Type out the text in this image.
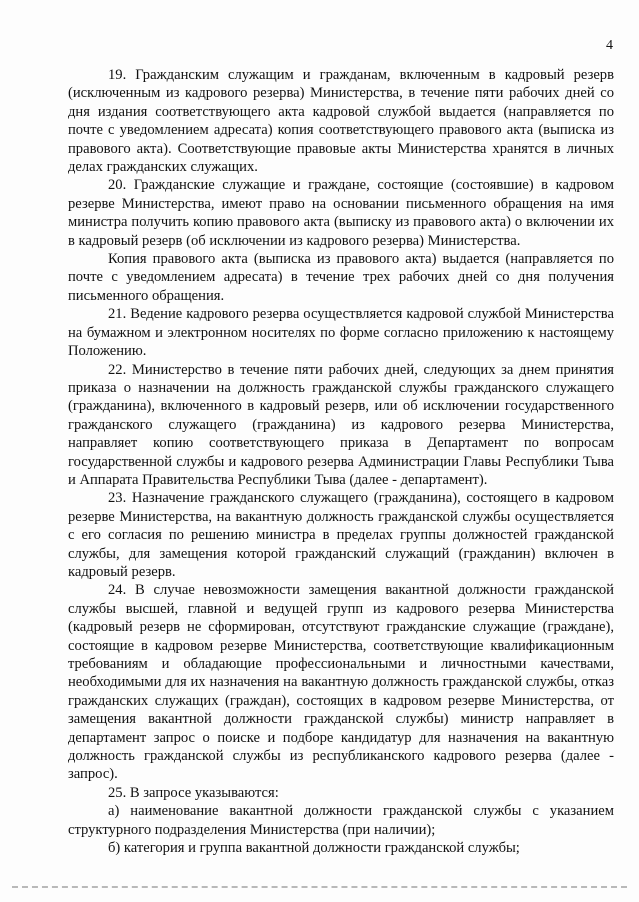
4

19. Гражданским служащим и гражданам, включенным в кадровый резерв (исключенным из кадрового резерва) Министерства, в течение пяти рабочих дней со дня издания соответствующего акта кадровой службой выдается (направляется по почте с уведомлением адресата) копия соответствующего правового акта (выписка из правового акта). Соответствующие правовые акты Министерства хранятся в личных делах гражданских служащих.

20. Гражданские служащие и граждане, состоящие (состоявшие) в кадровом резерве Министерства, имеют право на основании письменного обращения на имя министра получить копию правового акта (выписку из правового акта) о включении их в кадровый резерв (об исключении из кадрового резерва) Министерства.

Копия правового акта (выписка из правового акта) выдается (направляется по почте с уведомлением адресата) в течение трех рабочих дней со дня получения письменного обращения.

21. Ведение кадрового резерва осуществляется кадровой службой Министерства на бумажном и электронном носителях по форме согласно приложению к настоящему Положению.

22. Министерство в течение пяти рабочих дней, следующих за днем принятия приказа о назначении на должность гражданской службы гражданского служащего (гражданина), включенного в кадровый резерв, или об исключении государственного гражданского служащего (гражданина) из кадрового резерва Министерства, направляет копию соответствующего приказа в Департамент по вопросам государственной службы и кадрового резерва Администрации Главы Республики Тыва и Аппарата Правительства Республики Тыва (далее - департамент).

23. Назначение гражданского служащего (гражданина), состоящего в кадровом резерве Министерства, на вакантную должность гражданской службы осуществляется с его согласия по решению министра в пределах группы должностей гражданской службы, для замещения которой гражданский служащий (гражданин) включен в кадровый резерв.

24. В случае невозможности замещения вакантной должности гражданской службы высшей, главной и ведущей групп из кадрового резерва Министерства (кадровый резерв не сформирован, отсутствуют гражданские служащие (граждане), состоящие в кадровом резерве Министерства, соответствующие квалификационным требованиям и обладающие профессиональными и личностными качествами, необходимыми для их назначения на вакантную должность гражданской службы, отказ гражданских служащих (граждан), состоящих в кадровом резерве Министерства, от замещения вакантной должности гражданской службы) министр направляет в департамент запрос о поиске и подборе кандидатур для назначения на вакантную должность гражданской службы из республиканского кадрового резерва (далее - запрос).

25. В запросе указываются:

а) наименование вакантной должности гражданской службы с указанием структурного подразделения Министерства (при наличии);

б) категория и группа вакантной должности гражданской службы;
